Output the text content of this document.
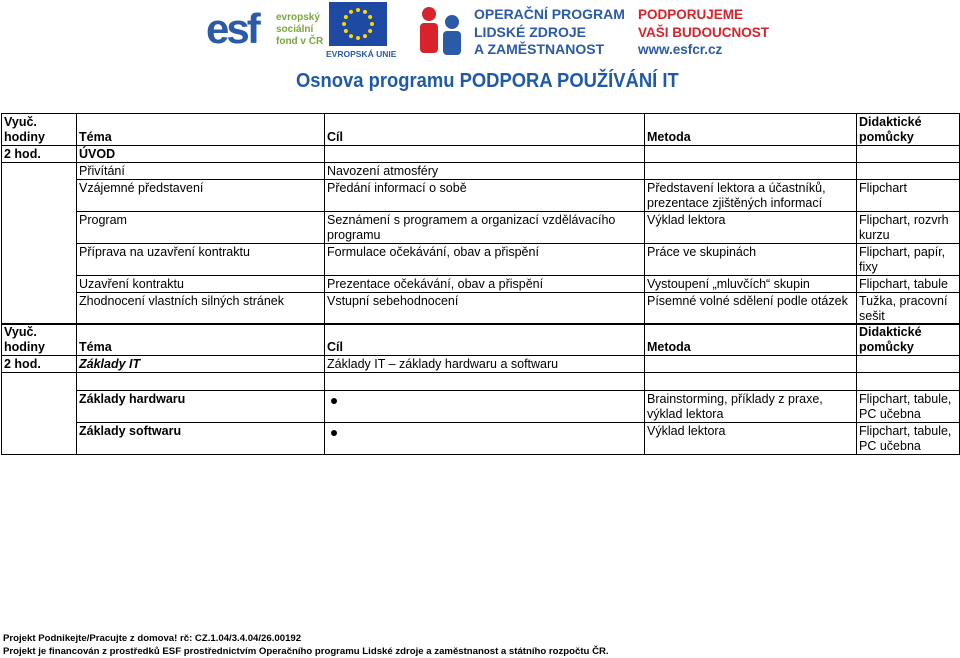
esf evropský
sociální
fond v ČR
EVROPSKÁ UNIE
OPERAČNÍ PROGRAM
LIDSKÉ ZDROJE
A ZAMĚSTNANOST
PODPORUJEME
VAŠI BUDOUCNOST
www.esfcr.cz
Osnova programu PODPORA POUŽÍVÁNÍ IT
Vyuč. hodiny	Téma	Cíl	Metoda	Didaktické pomůcky
2 hod.	ÚVOD			
	Přivítání	Navození atmosféry		
	Vzájemné představení	Předání informací o sobě	Představení lektora a účastníků, prezentace zjištěných informací	Flipchart
	Program	Seznámení s programem a organizací vzdělávacího programu	Výklad lektora	Flipchart, rozvrh kurzu
	Příprava na uzavření kontraktu	Formulace očekávání, obav a přispění	Práce ve skupinách	Flipchart, papír, fixy
	Uzavření kontraktu	Prezentace očekávání, obav a přispění	Vystoupení „mluvčích“ skupin	Flipchart, tabule
	Zhodnocení vlastních silných stránek	Vstupní sebehodnocení	Písemné volné sdělení podle otázek	Tužka, pracovní sešit
Vyuč. hodiny	Téma	Cíl	Metoda	Didaktické pomůcky
2 hod.	Základy IT	Základy IT – základy hardwaru a softwaru		

	Základy hardwaru		Brainstorming, příklady z praxe, výklad lektora	Flipchart, tabule, PC učebna
	Základy softwaru		Výklad lektora	Flipchart, tabule, PC učebna
Projekt Podnikejte/Pracujte z domova! rč: CZ.1.04/3.4.04/26.00192
Projekt je financován z prostředků ESF prostřednictvím Operačního programu Lidské zdroje a zaměstnanost a státního rozpočtu ČR.
